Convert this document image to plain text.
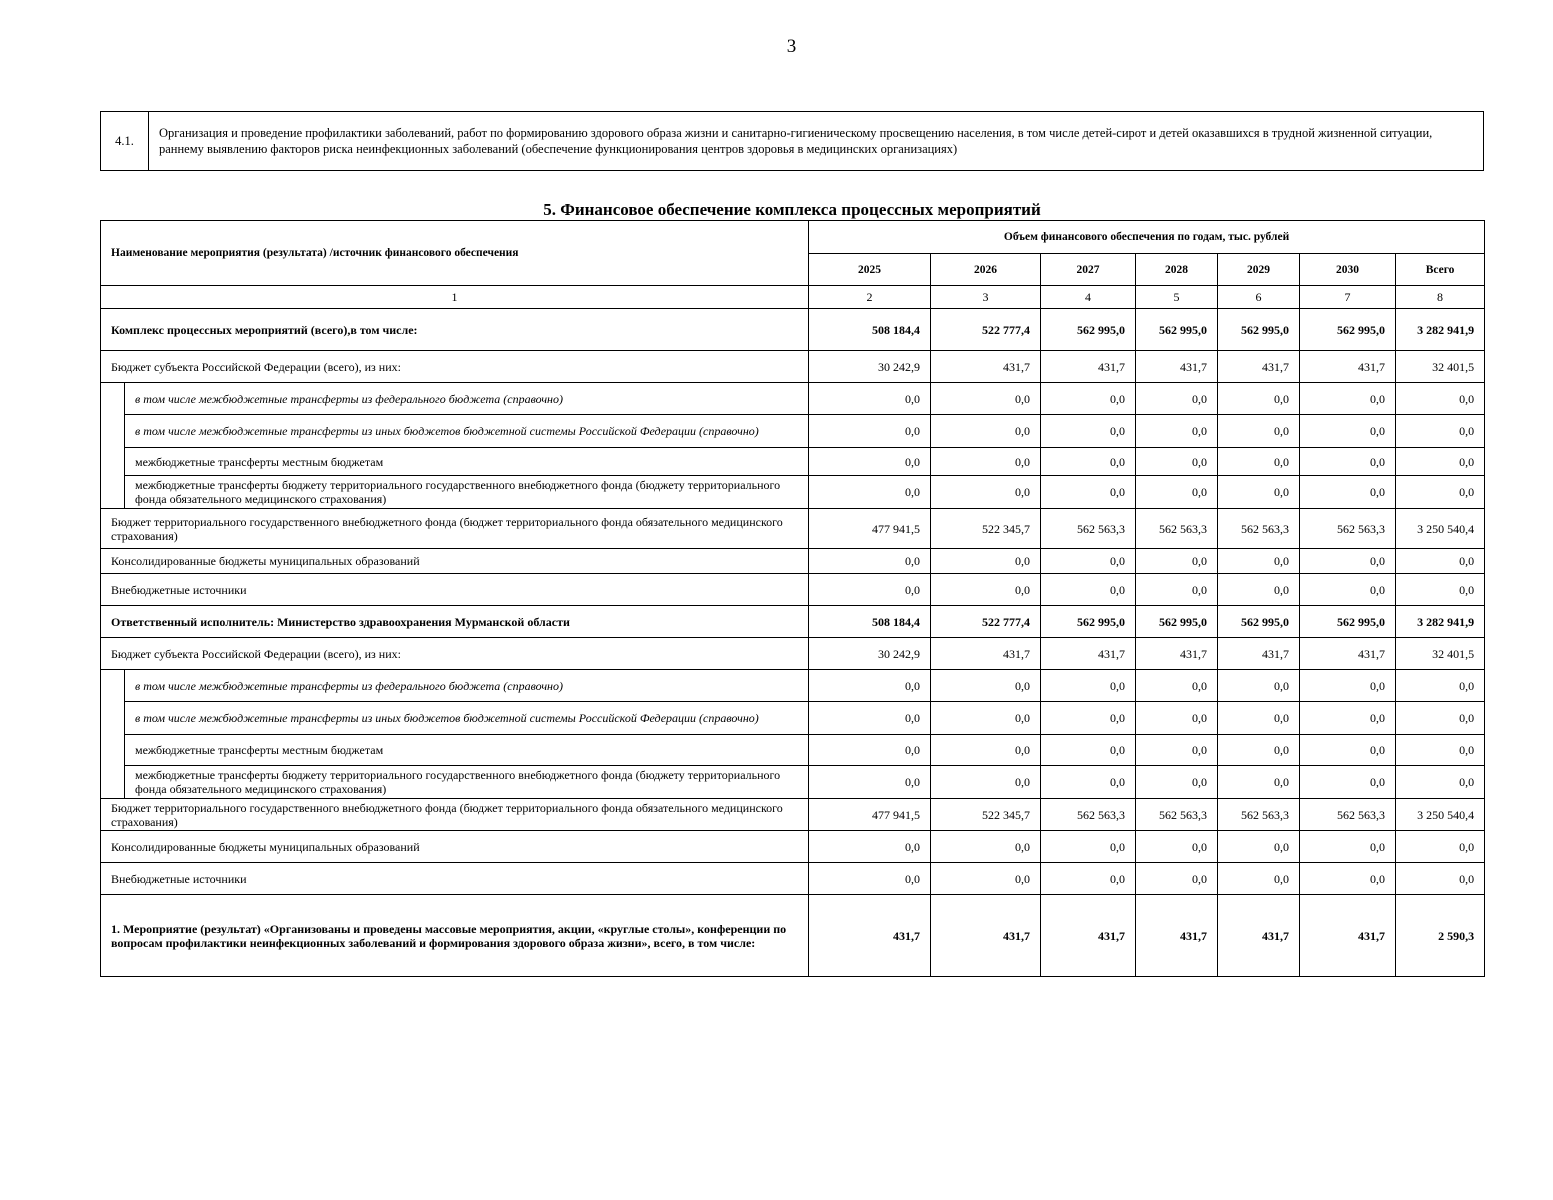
3
4.1.	Организация и проведение профилактики заболеваний, работ по формированию здорового образа жизни и санитарно-гигиеническому просвещению населения, в том числе детей-сирот и детей оказавшихся в трудной жизненной ситуации, раннему выявлению факторов риска неинфекционных заболеваний (обеспечение функционирования центров здоровья в медицинских организациях)
5. Финансовое обеспечение комплекса процессных мероприятий
Наименование мероприятия (результата) /источник финансового обеспечения		Объем финансового обеспечения по годам, тыс. рублей						
		2025	2026	2027	2028	2029	2030	Всего
1		2	3	4	5	6	7	8
Комплекс процессных мероприятий (всего),в том числе:		508 184,4	522 777,4	562 995,0	562 995,0	562 995,0	562 995,0	3 282 941,9
Бюджет субъекта Российской Федерации (всего), из них:		30 242,9	431,7	431,7	431,7	431,7	431,7	32 401,5
	в том числе межбюджетные трансферты из федерального бюджета (справочно)	0,0	0,0	0,0	0,0	0,0	0,0	0,0
	в том числе межбюджетные трансферты из иных бюджетов бюджетной системы Российской Федерации (справочно)	0,0	0,0	0,0	0,0	0,0	0,0	0,0
	межбюджетные трансферты местным бюджетам	0,0	0,0	0,0	0,0	0,0	0,0	0,0
	межбюджетные трансферты бюджету территориального государственного внебюджетного фонда (бюджету территориального фонда обязательного медицинского страхования)	0,0	0,0	0,0	0,0	0,0	0,0	0,0
Бюджет территориального государственного внебюджетного фонда (бюджет территориального фонда обязательного медицинского страхования)		477 941,5	522 345,7	562 563,3	562 563,3	562 563,3	562 563,3	3 250 540,4
Консолидированные бюджеты муниципальных образований		0,0	0,0	0,0	0,0	0,0	0,0	0,0
Внебюджетные источники		0,0	0,0	0,0	0,0	0,0	0,0	0,0
Ответственный исполнитель: Министерство здравоохранения Мурманской области		508 184,4	522 777,4	562 995,0	562 995,0	562 995,0	562 995,0	3 282 941,9
Бюджет субъекта Российской Федерации (всего), из них:		30 242,9	431,7	431,7	431,7	431,7	431,7	32 401,5
	в том числе межбюджетные трансферты из федерального бюджета (справочно)	0,0	0,0	0,0	0,0	0,0	0,0	0,0
	в том числе межбюджетные трансферты из иных бюджетов бюджетной системы Российской Федерации (справочно)	0,0	0,0	0,0	0,0	0,0	0,0	0,0
	межбюджетные трансферты местным бюджетам	0,0	0,0	0,0	0,0	0,0	0,0	0,0
	межбюджетные трансферты бюджету территориального государственного внебюджетного фонда (бюджету территориального фонда обязательного медицинского страхования)	0,0	0,0	0,0	0,0	0,0	0,0	0,0
Бюджет территориального государственного внебюджетного фонда (бюджет территориального фонда обязательного медицинского страхования)		477 941,5	522 345,7	562 563,3	562 563,3	562 563,3	562 563,3	3 250 540,4
Консолидированные бюджеты муниципальных образований		0,0	0,0	0,0	0,0	0,0	0,0	0,0
Внебюджетные источники		0,0	0,0	0,0	0,0	0,0	0,0	0,0
1. Мероприятие (результат) «Организованы и проведены массовые мероприятия, акции, «круглые столы», конференции по вопросам профилактики неинфекционных заболеваний и формирования здорового образа жизни», всего, в том числе:		431,7	431,7	431,7	431,7	431,7	431,7	2 590,3
